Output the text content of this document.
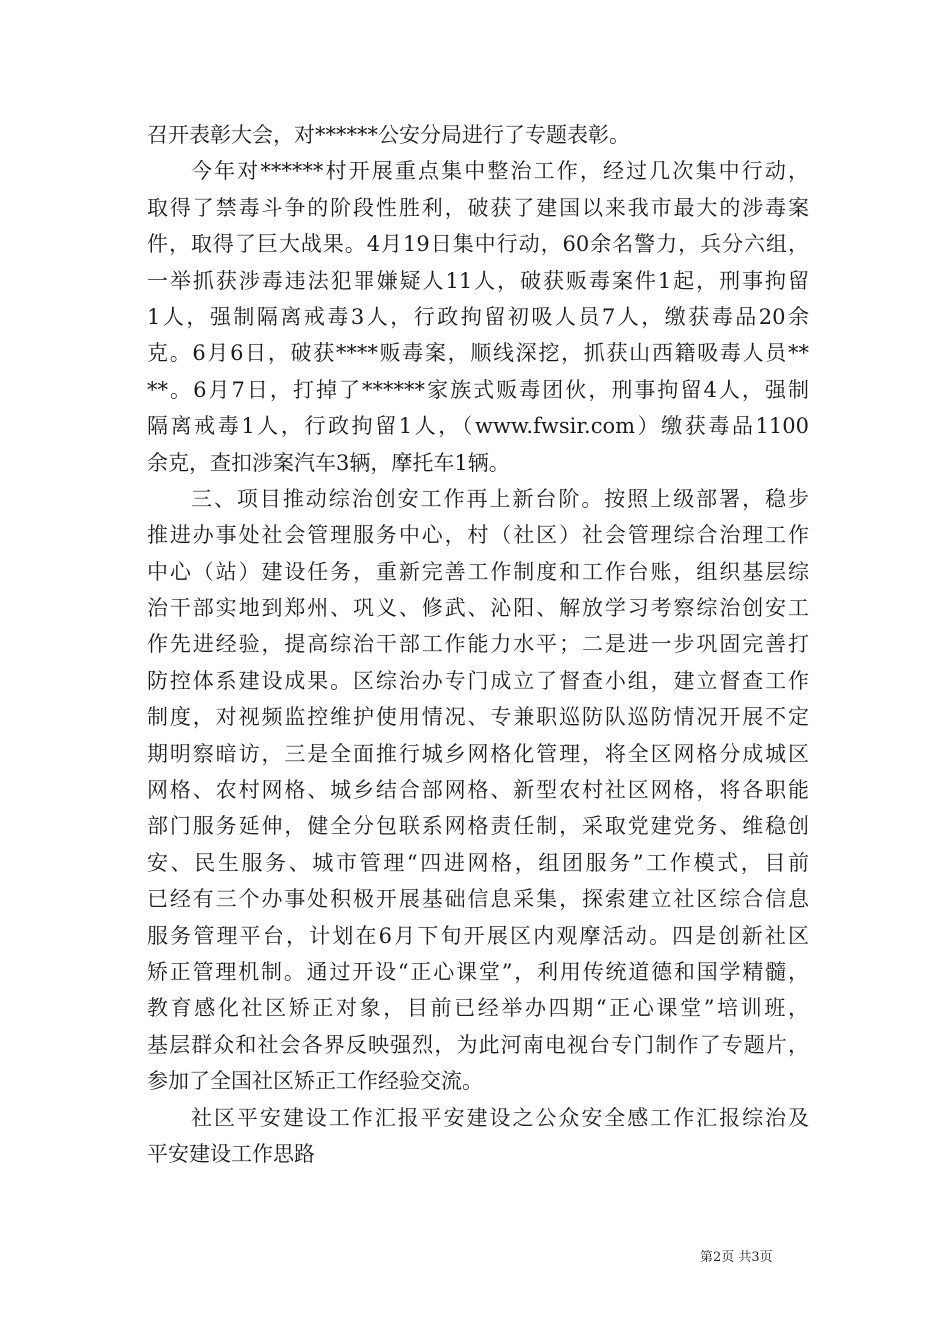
召开表彰大会，对******公安分局进行了专题表彰。
今年对******村开展重点集中整治工作，经过几次集中行动，
取得了禁毒斗争的阶段性胜利，破获了建国以来我市最大的涉毒案
件，取得了巨大战果。4月19日集中行动，60余名警力，兵分六组，
一举抓获涉毒违法犯罪嫌疑人11人，破获贩毒案件1起，刑事拘留
1人，强制隔离戒毒3人，行政拘留初吸人员7人，缴获毒品20余
克。6月6日，破获****贩毒案，顺线深挖，抓获山西籍吸毒人员**
**。6月7日，打掉了******家族式贩毒团伙，刑事拘留4人，强制
隔离戒毒1人，行政拘留1人，（www.fwsir.com）缴获毒品1100
余克，查扣涉案汽车3辆，摩托车1辆。
三、项目推动综治创安工作再上新台阶。按照上级部署，稳步
推进办事处社会管理服务中心，村（社区）社会管理综合治理工作
中心（站）建设任务，重新完善工作制度和工作台账，组织基层综
治干部实地到郑州、巩义、修武、沁阳、解放学习考察综治创安工
作先进经验，提高综治干部工作能力水平；二是进一步巩固完善打
防控体系建设成果。区综治办专门成立了督查小组，建立督查工作
制度，对视频监控维护使用情况、专兼职巡防队巡防情况开展不定
期明察暗访，三是全面推行城乡网格化管理，将全区网格分成城区
网格、农村网格、城乡结合部网格、新型农村社区网格，将各职能
部门服务延伸，健全分包联系网格责任制，采取党建党务、维稳创
安、民生服务、城市管理“四进网格，组团服务”工作模式，目前
已经有三个办事处积极开展基础信息采集，探索建立社区综合信息
服务管理平台，计划在6月下旬开展区内观摩活动。四是创新社区
矫正管理机制。通过开设“正心课堂”，利用传统道德和国学精髓，
教育感化社区矫正对象，目前已经举办四期“正心课堂”培训班，
基层群众和社会各界反映强烈，为此河南电视台专门制作了专题片，
参加了全国社区矫正工作经验交流。
社区平安建设工作汇报平安建设之公众安全感工作汇报综治及
平安建设工作思路
第2页 共3页
